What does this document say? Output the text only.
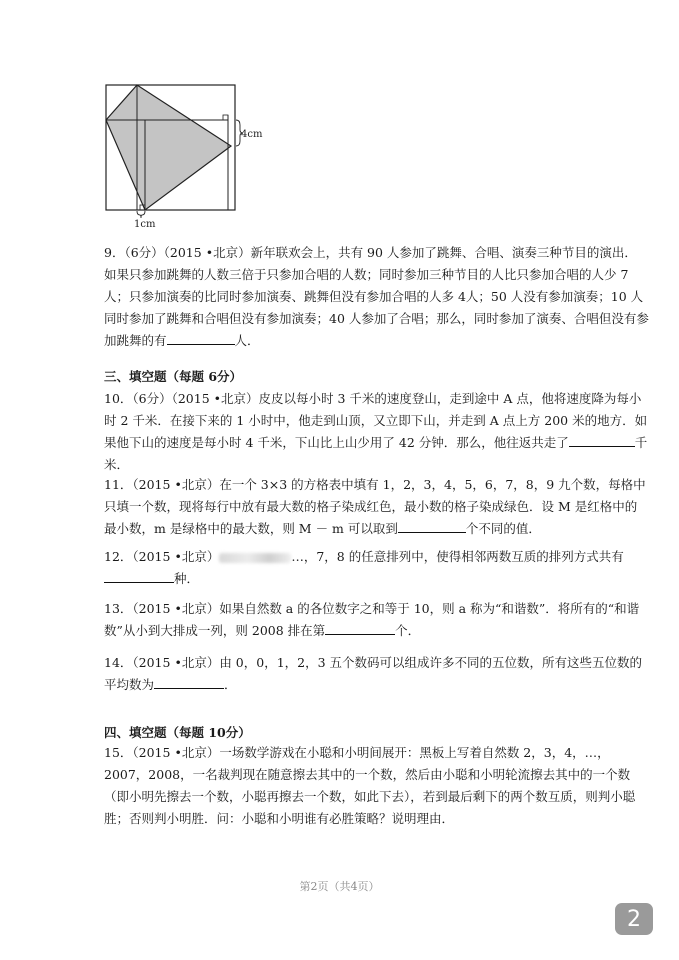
4cm
1cm

9．（6分）（2015 •北京）新年联欢会上，共有 90 人参加了跳舞、合唱、演奏三种节目的演出．如果只参加跳舞的人数三倍于只参加合唱的人数；同时参加三种节目的人比只参加合唱的人少 7人；只参加演奏的比同时参加演奏、跳舞但没有参加合唱的人多 4人；50 人没有参加演奏；10 人同时参加了跳舞和合唱但没有参加演奏；40 人参加了合唱；那么，同时参加了演奏、合唱但没有参加跳舞的有	人．

三、填空题（每题 6分）

10．（6分）（2015 •北京）皮皮以每小时 3 千米的速度登山，走到途中 A 点，他将速度降为每小时 2 千米．在接下来的 1 小时中，他走到山顶，又立即下山，并走到 A 点上方 200 米的地方．如果他下山的速度是每小时 4 千米，下山比上山少用了 42 分钟．那么，他往返共走了	千米．

11．（2015 •北京）在一个 3×3 的方格表中填有 1，2，3，4，5，6，7，8，9 九个数，每格中只填一个数，现将每行中放有最大数的格子染成红色，最小数的格子染成绿色．设 M 是红格中的最小数，m 是绿格中的最大数，则 M － m 可以取到	个不同的值．

12．（2015 •北京）	…，7，8 的任意排列中，使得相邻两数互质的排列方式共有种．

13．（2015 •北京）如果自然数 a 的各位数字之和等于 10，则 a 称为“和谐数”．将所有的“和谐数”从小到大排成一列，则 2008 排在第	个．

14．（2015 •北京）由 0，0，1，2，3 五个数码可以组成许多不同的五位数，所有这些五位数的平均数为	．

四、填空题（每题 10分）

15．（2015 •北京）一场数学游戏在小聪和小明间展开：黑板上写着自然数 2，3，4，…，2007，2008，一名裁判现在随意擦去其中的一个数，然后由小聪和小明轮流擦去其中的一个数（即小明先擦去一个数，小聪再擦去一个数，如此下去），若到最后剩下的两个数互质，则判小聪胜；否则判小明胜．问：小聪和小明谁有必胜策略？说明理由．

第2页（共4页）
2
